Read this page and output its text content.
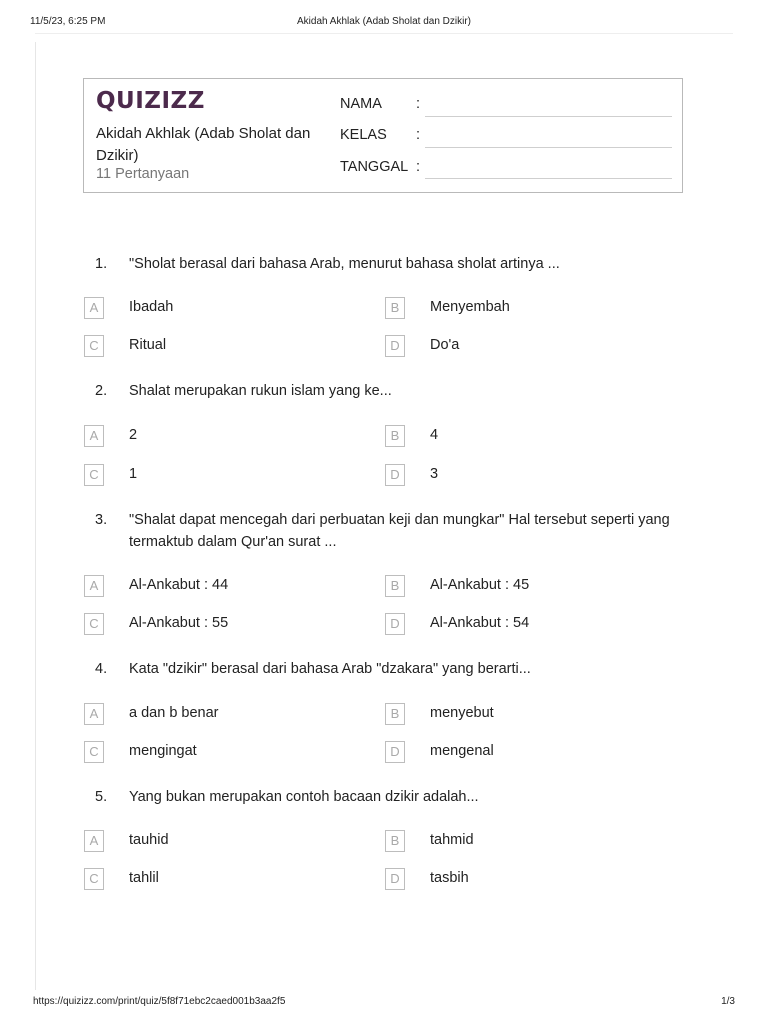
11/5/23, 6:25 PM	Akidah Akhlak (Adab Sholat dan Dzikir)
QUIZIZZ
Akidah Akhlak (Adab Sholat dan Dzikir)
11 Pertanyaan
NAMA :
KELAS :
TANGGAL :
1. "Sholat berasal dari bahasa Arab, menurut bahasa sholat artinya ...
A	Ibadah	B	Menyembah
C	Ritual	D	Do'a
2. Shalat merupakan rukun islam yang ke...
A	2	B	4
C	1	D	3
3. "Shalat dapat mencegah dari perbuatan keji dan mungkar" Hal tersebut seperti yang termaktub dalam Qur'an surat ...
A	Al-Ankabut : 44	B	Al-Ankabut : 45
C	Al-Ankabut : 55	D	Al-Ankabut : 54
4. Kata "dzikir" berasal dari bahasa Arab "dzakara" yang berarti...
A	a dan b benar	B	menyebut
C	mengingat	D	mengenal
5. Yang bukan merupakan contoh bacaan dzikir adalah...
A	tauhid	B	tahmid
C	tahlil	D	tasbih
https://quizizz.com/print/quiz/5f8f71ebc2caed001b3aa2f5	1/3
